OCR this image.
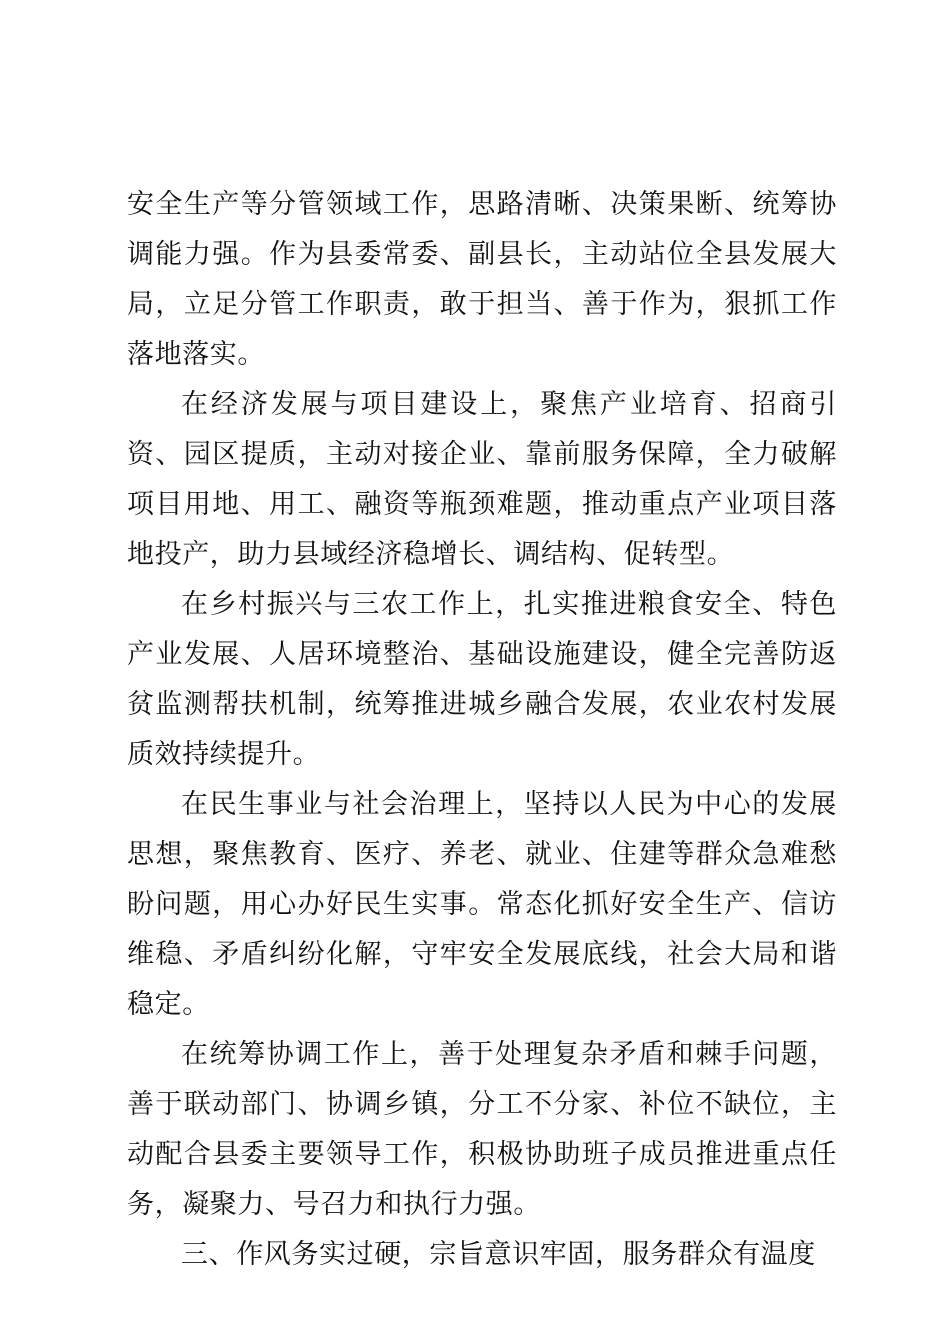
安全生产等分管领域工作，思路清晰、决策果断、统筹协调能力强。作为县委常委、副县长，主动站位全县发展大局，立足分管工作职责，敢于担当、善于作为，狠抓工作落地落实。

在经济发展与项目建设上，聚焦产业培育、招商引资、园区提质，主动对接企业、靠前服务保障，全力破解项目用地、用工、融资等瓶颈难题，推动重点产业项目落地投产，助力县域经济稳增长、调结构、促转型。

在乡村振兴与三农工作上，扎实推进粮食安全、特色产业发展、人居环境整治、基础设施建设，健全完善防返贫监测帮扶机制，统筹推进城乡融合发展，农业农村发展质效持续提升。

在民生事业与社会治理上，坚持以人民为中心的发展思想，聚焦教育、医疗、养老、就业、住建等群众急难愁盼问题，用心办好民生实事。常态化抓好安全生产、信访维稳、矛盾纠纷化解，守牢安全发展底线，社会大局和谐稳定。

在统筹协调工作上，善于处理复杂矛盾和棘手问题，善于联动部门、协调乡镇，分工不分家、补位不缺位，主动配合县委主要领导工作，积极协助班子成员推进重点任务，凝聚力、号召力和执行力强。

三、作风务实过硬，宗旨意识牢固，服务群众有温度
